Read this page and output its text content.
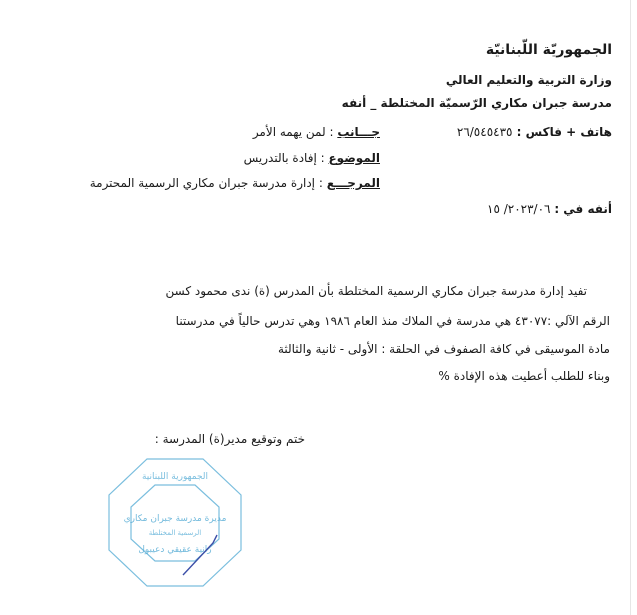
الجمهوريّة اللّبنانيّة
وزارة التربية والتعليم العالي
مدرسة جبران مكاري الرّسميّة المختلطة _ أنفه
هاتف + فاكس : ٢٦/٥٤٥٤٣٥
جـــانب : لمن يهمه الأمر
الموضوع : إفادة بالتدريس
المرجـــع : إدارة مدرسة جبران مكاري الرسمية المحترمة
أنفه في : ٢٠٢٣/٠٦/ ١٥
تفيد إدارة مدرسة جبران مكاري الرسمية المختلطة بأن المدرس (ة) ندى محمود كسن
الرقم الآلي :٤٣٠٧٧ هي مدرسة في الملاك منذ العام ١٩٨٦ وهي تدرس حالياً في مدرستنا
مادة الموسيقى في كافة الصفوف في الحلقة : الأولى - ثانية والثالثة
وبناء للطلب أعطيت هذه الإفادة %
ختم وتوقيع مدير(ة) المدرسة :
الجمهورية اللبنانية
مديرة مدرسة جبران مكاري
الرسمية المختلطة
رانية عقيقي دعيبول
